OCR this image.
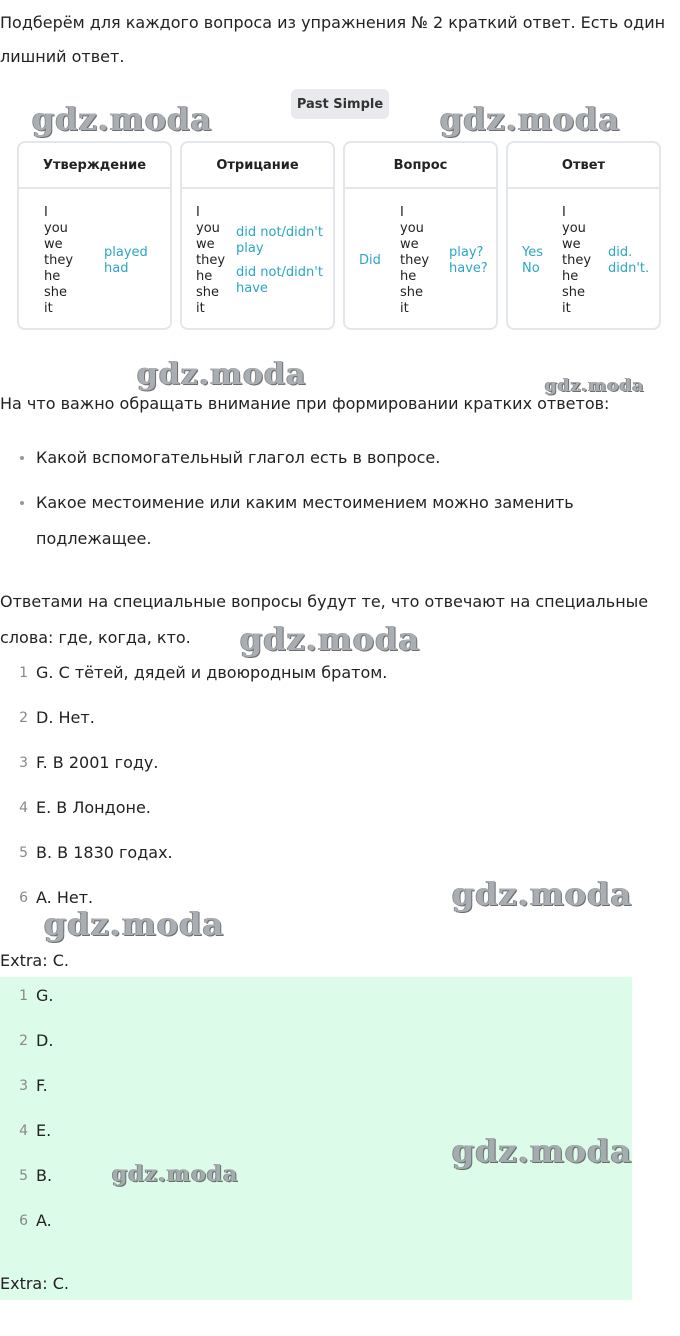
Подберём для каждого вопроса из упражнения № 2 краткий ответ. Есть один лишний ответ.
Past Simple
Утверждение
I
you
we
they
he
she
it
played
had
Отрицание
I
you
we
they
he
she
it
did not/didn't play
did not/didn't have
Вопрос
Did
I
you
we
they
he
she
it
play?
have?
Ответ
Yes
No
I
you
we
they
he
she
it
did.
didn't.
На что важно обращать внимание при формировании кратких ответов:
Какой вспомогательный глагол есть в вопросе.
Какое местоимение или каким местоимением можно заменить подлежащее.
Ответами на специальные вопросы будут те, что отвечают на специальные слова: где, когда, кто.
1 G. С тётей, дядей и двоюродным братом.
2 D. Нет.
3 F. В 2001 году.
4 E. В Лондоне.
5 B. В 1830 годах.
6 A. Нет.
Extra: C.
1 G.
2 D.
3 F.
4 E.
5 B.
6 A.
Extra: C.
gdz.moda	gdz.moda
gdz.moda	gdz.moda
gdz.moda
gdz.moda
gdz.moda
gdz.moda
gdz.moda
